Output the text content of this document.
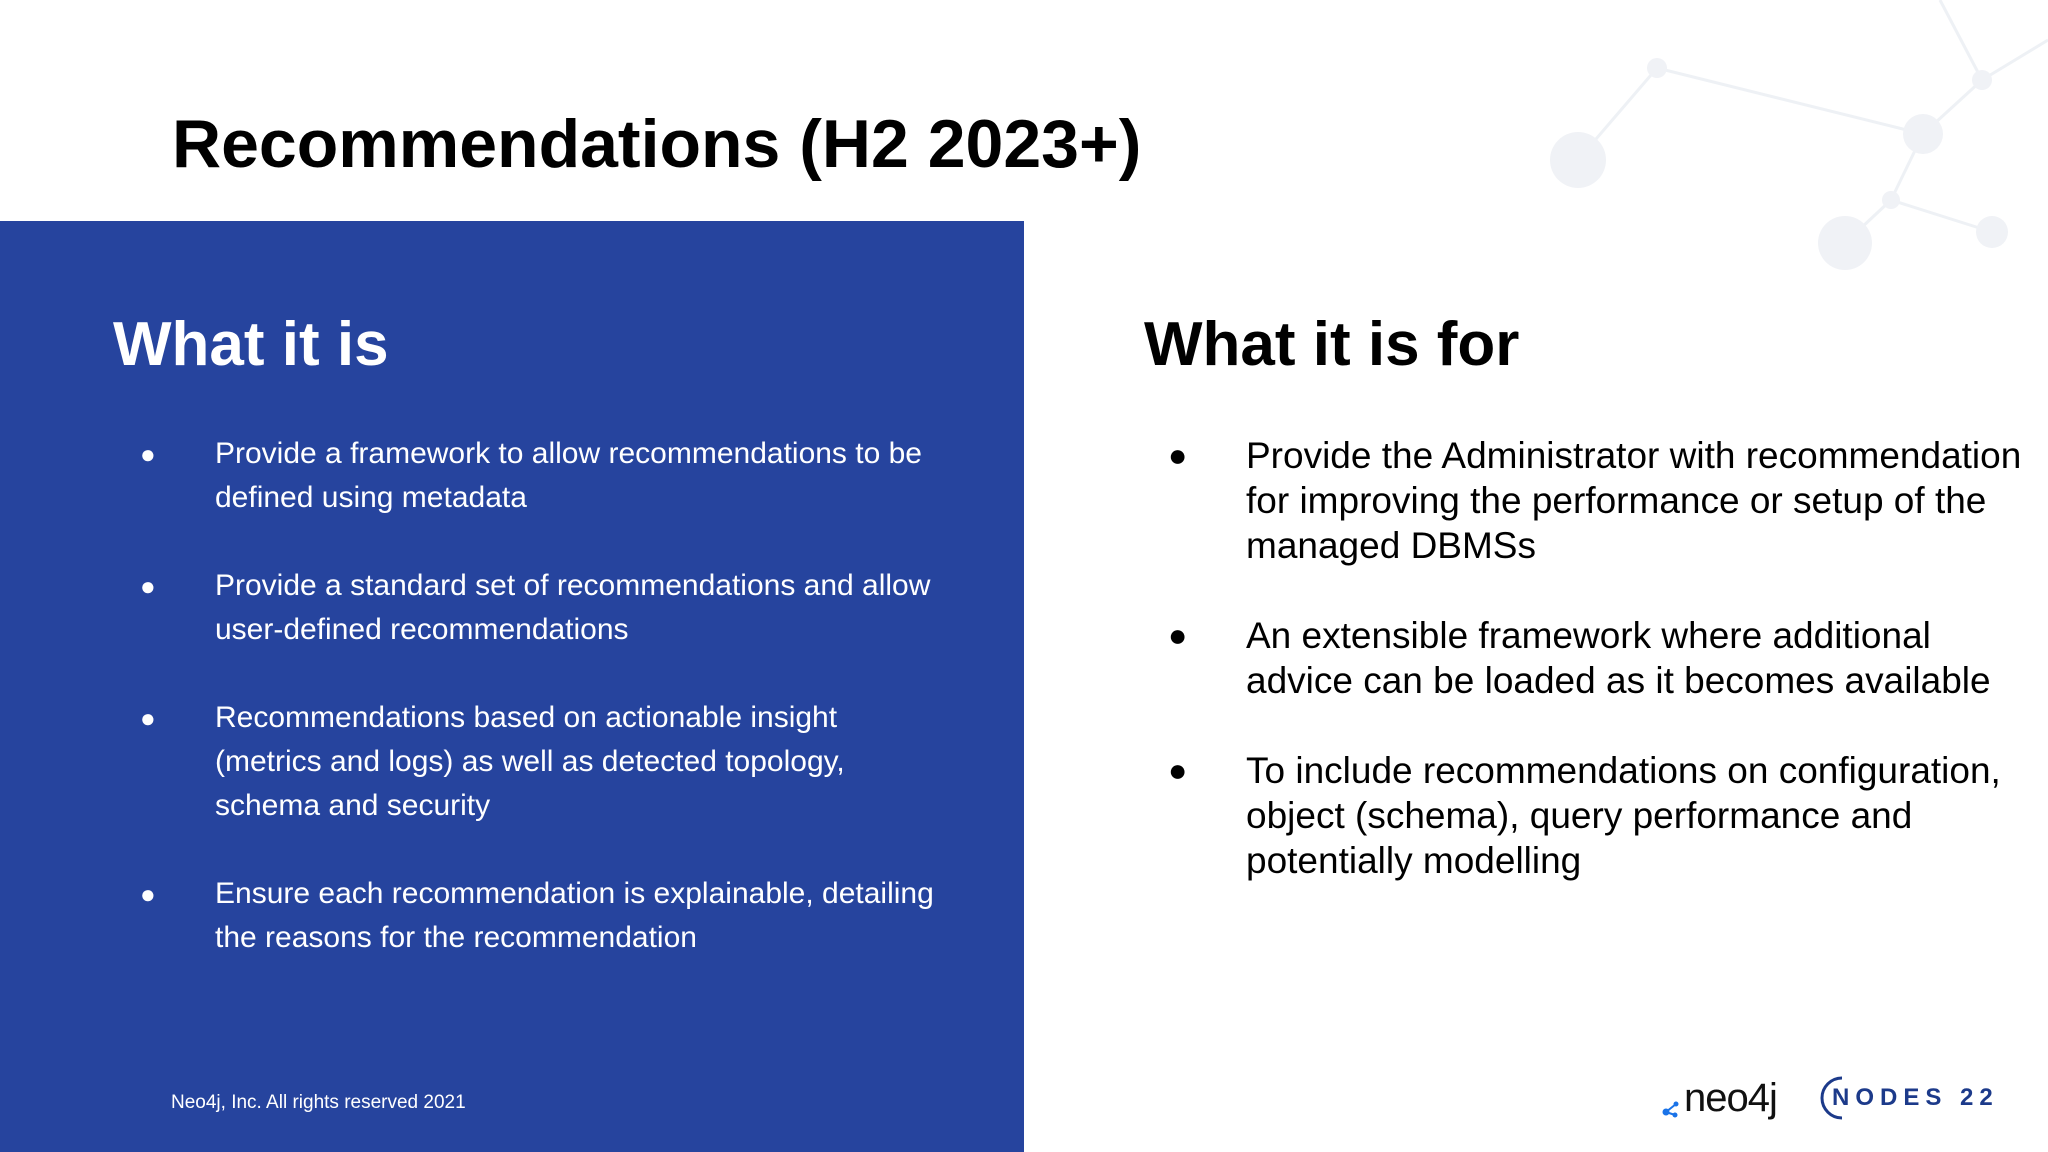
Recommendations (H2 2023+)
What it is
● Provide a framework to allow recommendations to be defined using metadata
● Provide a standard set of recommendations and allow user-defined recommendations
● Recommendations based on actionable insight (metrics and logs) as well as detected topology, schema and security
● Ensure each recommendation is explainable, detailing the reasons for the recommendation
What it is for
● Provide the Administrator with recommendation for improving the performance or setup of the managed DBMSs
● An extensible framework where additional advice can be loaded as it becomes available
● To include recommendations on configuration, object (schema), query performance and potentially modelling
Neo4j, Inc. All rights reserved 2021	neo4j NODES 22
